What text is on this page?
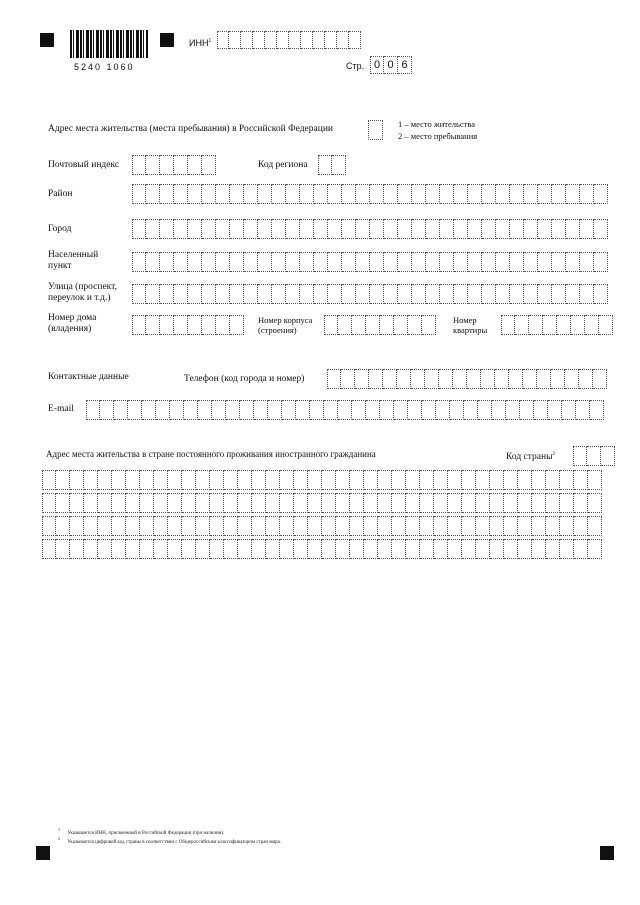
5240 1060
ИНН$^1$
Стр. 0 0 6
Адрес места жительства (места пребывания) в Российской Федерации	1 – место жительства
2 – место пребывания
Почтовый индекс	Код региона
Район
Город
Населенный пункт
Улица (проспект, переулок и т.д.)
Номер дома (владения)
Номер корпуса (строения)
Номер квартиры
Контактные данные	Телефон (код города и номер)
E-mail
Адрес места жительства в стране постоянного проживания иностранного гражданина	Код страны$^2$
$^1$ Указывается ИНН, присвоенный в Российской Федерации (при наличии).
$^2$ Указывается цифровой код страны в соответствии с Общероссийским классификатором стран мира.
